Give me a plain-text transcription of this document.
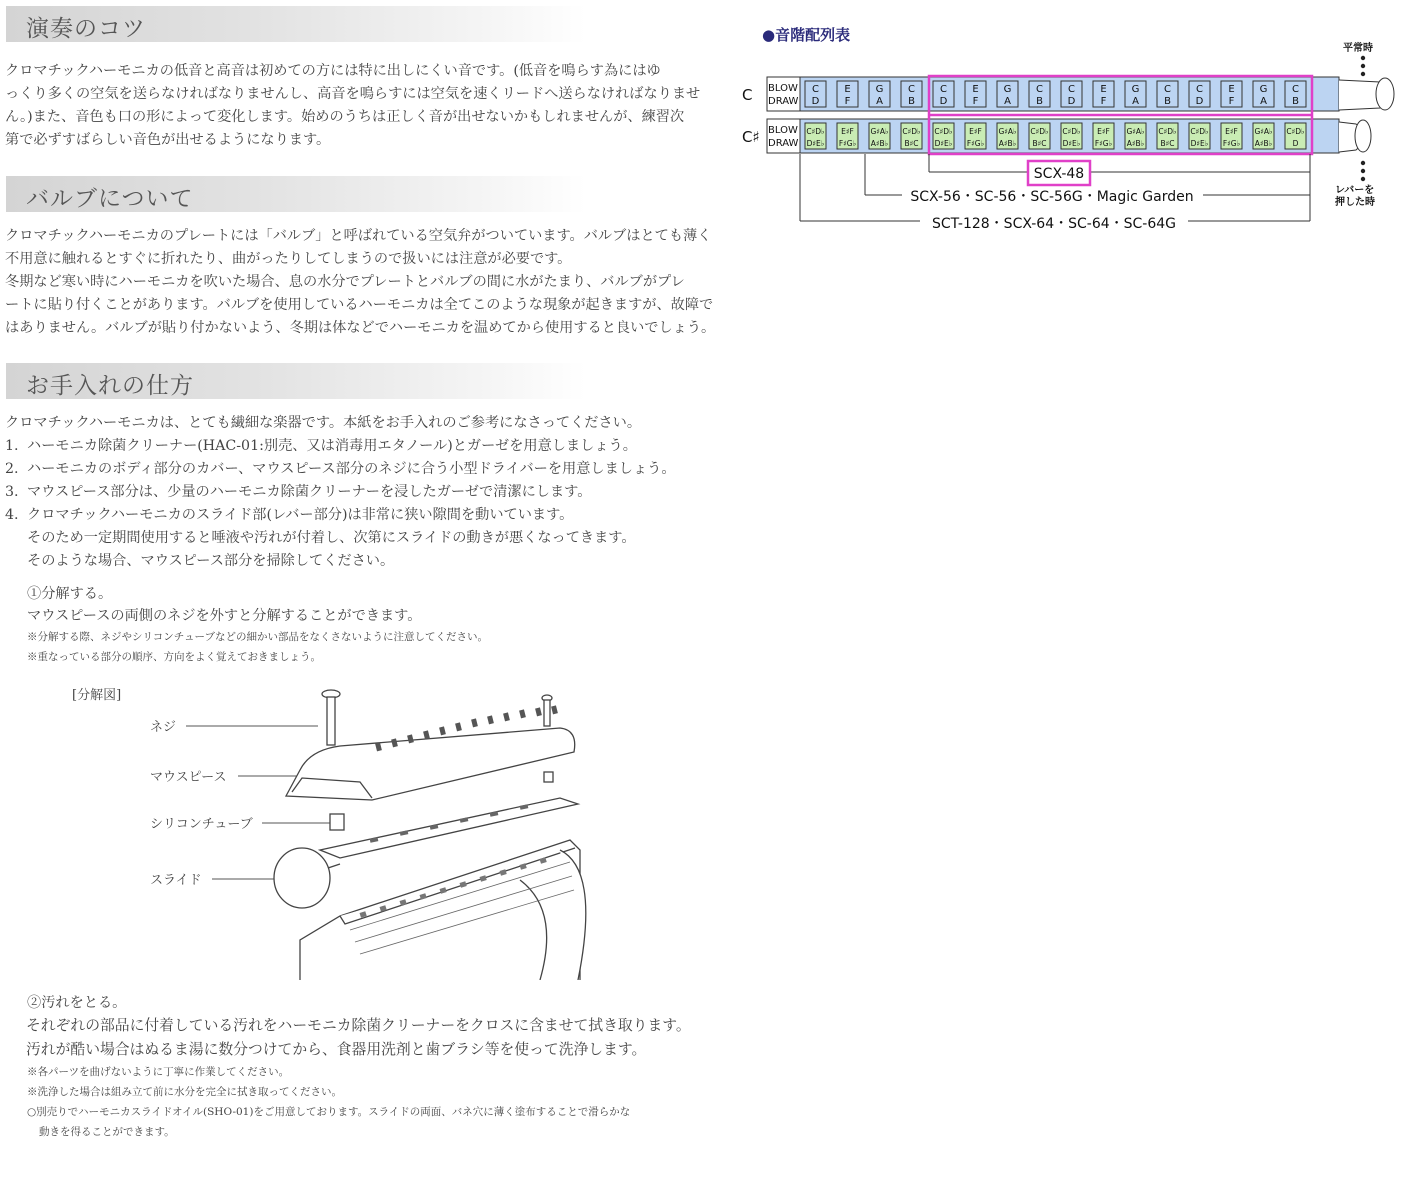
演奏のコツ

クロマチックハーモニカの低音と高音は初めての方には特に出しにくい音です。(低音を鳴らす為にはゆ

っくり多くの空気を送らなければなりませんし、高音を鳴らすには空気を速くリードへ送らなければなりませ

ん。)また、音色も口の形によって変化します。始めのうちは正しく音が出せないかもしれませんが、練習次

第で必ずすばらしい音色が出せるようになります。

バルブについて

クロマチックハーモニカのプレートには「バルブ」と呼ばれている空気弁がついています。バルブはとても薄く

不用意に触れるとすぐに折れたり、曲がったりしてしまうので扱いには注意が必要です。

冬期など寒い時にハーモニカを吹いた場合、息の水分でプレートとバルブの間に水がたまり、バルブがプレ

ートに貼り付くことがあります。バルブを使用しているハーモニカは全てこのような現象が起きますが、故障で

はありません。バルブが貼り付かないよう、冬期は体などでハーモニカを温めてから使用すると良いでしょう。

お手入れの仕方
クロマチックハーモニカは、とても繊細な楽器です。本紙をお手入れのご参考になさってください。
1. ハーモニカ除菌クリーナー(HAC-01:別売、又は消毒用エタノール)とガーゼを用意しましょう。
2. ハーモニカのボディ部分のカバー、マウスピース部分のネジに合う小型ドライバーを用意しましょう。
3. マウスピース部分は、少量のハーモニカ除菌クリーナーを浸したガーゼで清潔にします。
4. クロマチックハーモニカのスライド部(レバー部分)は非常に狭い隙間を動いています。
そのため一定期間使用すると唾液や汚れが付着し、次第にスライドの動きが悪くなってきます。
そのような場合、マウスピース部分を掃除してください。
①分解する。
マウスピースの両側のネジを外すと分解することができます。
※分解する際、ネジやシリコンチューブなどの細かい部品をなくさないように注意してください。
※重なっている部分の順序、方向をよく覚えておきましょう。
[分解図]
ネジ
マウスピース
シリコンチューブ
スライド
②汚れをとる。
それぞれの部品に付着している汚れをハーモニカ除菌クリーナーをクロスに含ませて拭き取ります。
汚れが酷い場合はぬるま湯に数分つけてから、食器用洗剤と歯ブラシ等を使って洗浄します。
※各パーツを曲げないように丁寧に作業してください。
※洗浄した場合は組み立て前に水分を完全に拭き取ってください。
○別売りでハーモニカスライドオイル(SHO-01)をご用意しております。スライドの両面、バネ穴に薄く塗布することで滑らかな
動きを得ることができます。
●音階配列表
C
C♯
BLOW
DRAW
BLOW
DRAW
平常時
レバーを
押した時
SCX-48
SCX-56・SC-56・SC-56G・Magic Garden
SCT-128・SCX-64・SC-64・SC-64G
C
D
E
F
G
A
C
B
C
D
E
F
G
A
C
B
C
D
E
F
G
A
C
B
C
D
E
F
G
A
C
B
C♯D♭
D♯E♭
E♯F
F♯G♭
G♯A♭
A♯B♭
C♯D♭
B♯C
C♯D♭
D♯E♭
E♯F
F♯G♭
G♯A♭
A♯B♭
C♯D♭
B♯C
C♯D♭
D♯E♭
E♯F
F♯G♭
G♯A♭
A♯B♭
C♯D♭
B♯C
C♯D♭
D♯E♭
E♯F
F♯G♭
G♯A♭
A♯B♭
C♯D♭
D
